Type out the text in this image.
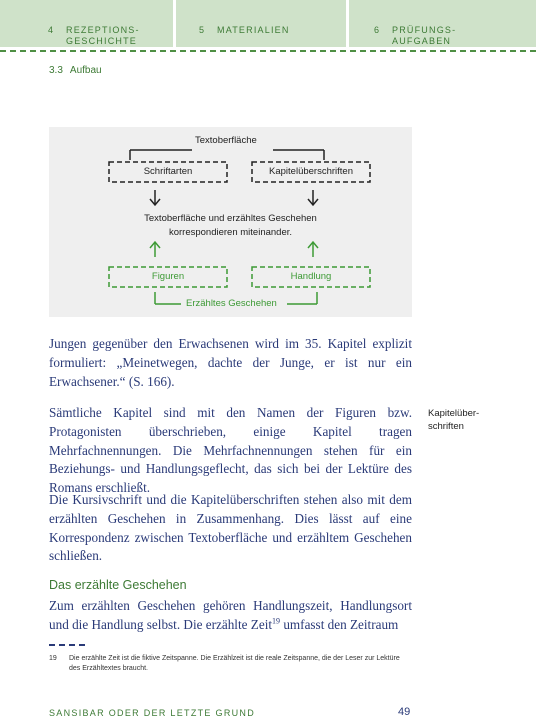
4 REZEPTIONS-
GESCHICHTE
5 MATERIALIEN	6 PRÜFUNGS-
AUFGABEN
3.3 Aufbau
Textoberfläche
Schriftarten	Kapitelüberschriften
Textoberfläche und erzähltes Geschehen
korrespondieren miteinander.
Figuren	Handlung
Erzähltes Geschehen

Jungen gegenüber den Erwachsenen wird im 35. Kapitel explizit formuliert: „Meinetwegen, dachte der Junge, er ist nur ein Erwachsener.“ (S. 166).

Sämtliche Kapitel sind mit den Namen der Figuren bzw. Protagonisten überschrieben, einige Kapitel tragen Mehrfachnennungen. Die Mehrfachnennungen stehen für ein Beziehungs- und Handlungsgeflecht, das sich bei der Lektüre des Romans erschließt.

Die Kursivschrift und die Kapitelüberschriften stehen also mit dem erzählten Geschehen in Zusammenhang. Dies lässt auf eine Korrespondenz zwischen Textoberfläche und erzähltem Geschehen schließen.

Das erzählte Geschehen

Zum erzählten Geschehen gehören Handlungszeit, Handlungsort und die Handlung selbst. Die erzählte Zeit$^{19}$ umfasst den Zeitraum

Kapitelüber-
schriften
19 Die erzählte Zeit ist die fiktive Zeitspanne. Die Erzählzeit ist die reale Zeitspanne, die der Leser zur Lektüre des Erzähltextes braucht.
SANSIBAR ODER DER LETZTE GRUND	49
